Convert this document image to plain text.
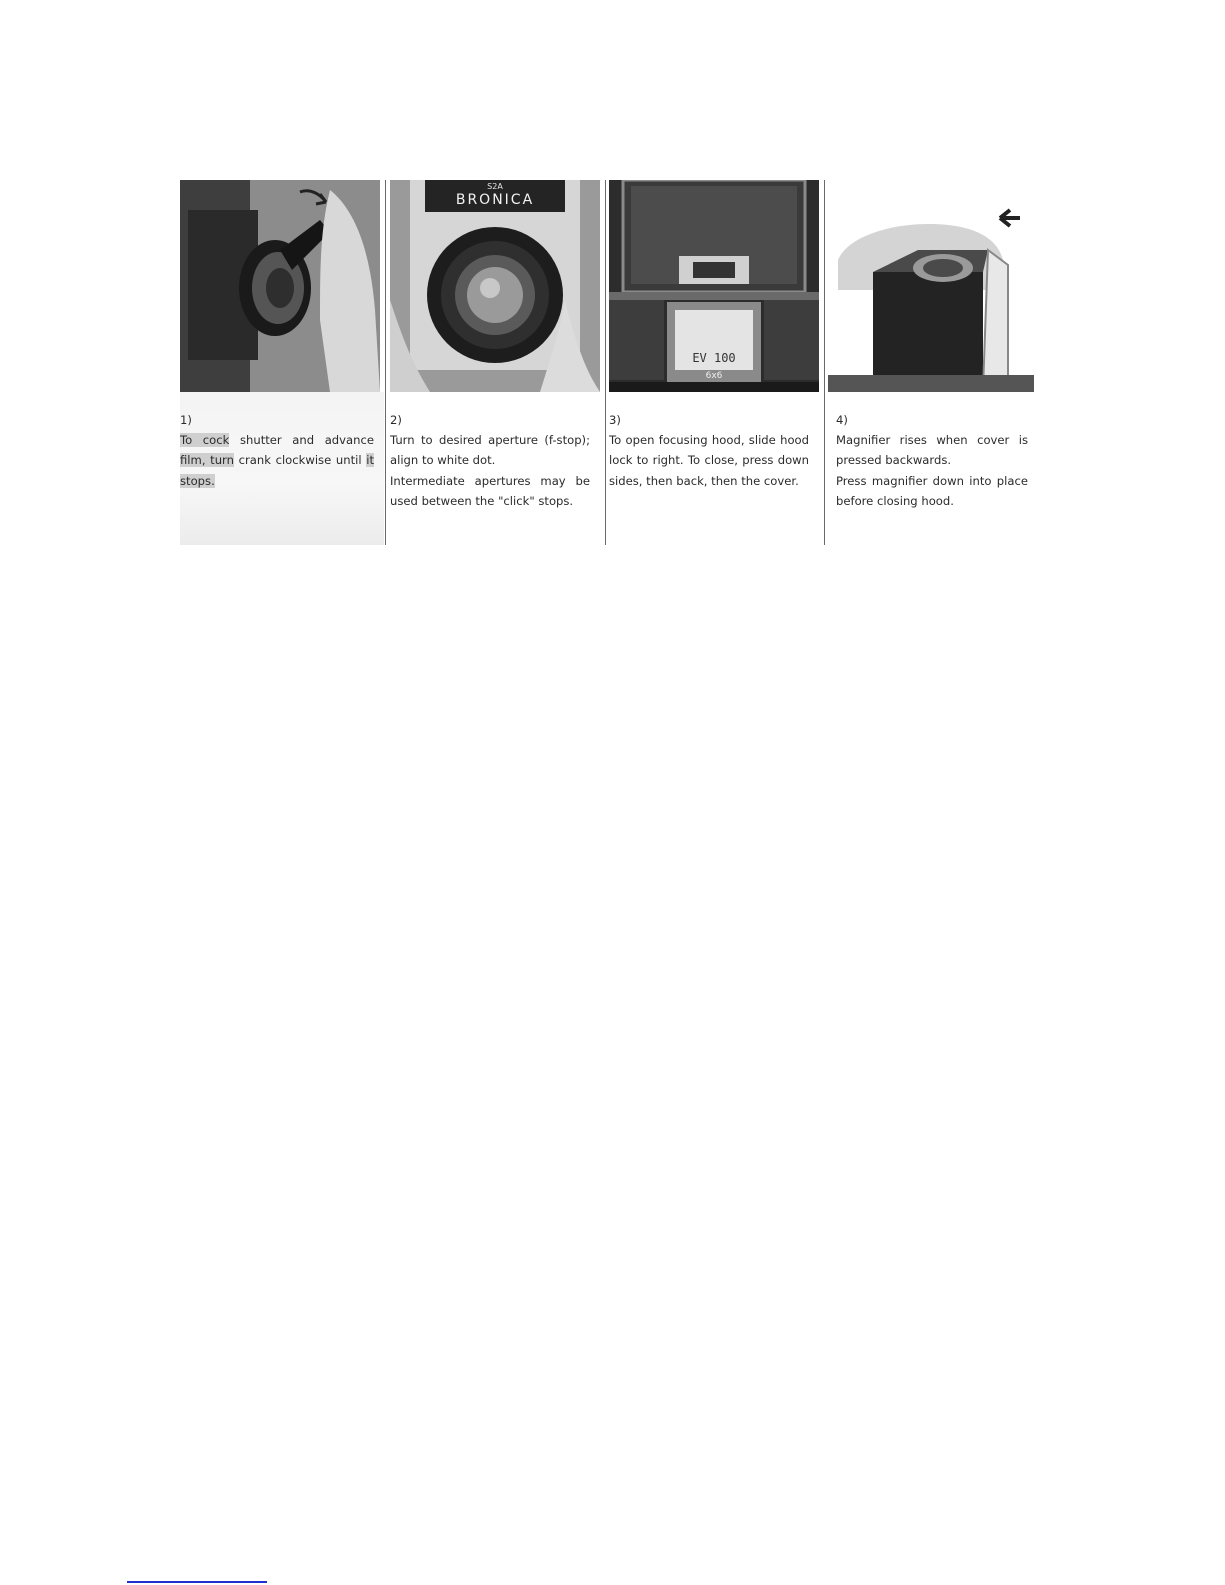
1)

To cock shutter and advance film, turn crank clockwise until it stops.

S2A
BRONICA
2)

Turn to desired aperture (f-stop); align to white dot.

Intermediate apertures may be used between the "click" stops.

EV 100
6x6
3)

To open focusing hood, slide hood lock to right. To close, press down sides, then back, then the cover.

4)

Magnifier rises when cover is pressed backwards.

Press magnifier down into place before closing hood.
